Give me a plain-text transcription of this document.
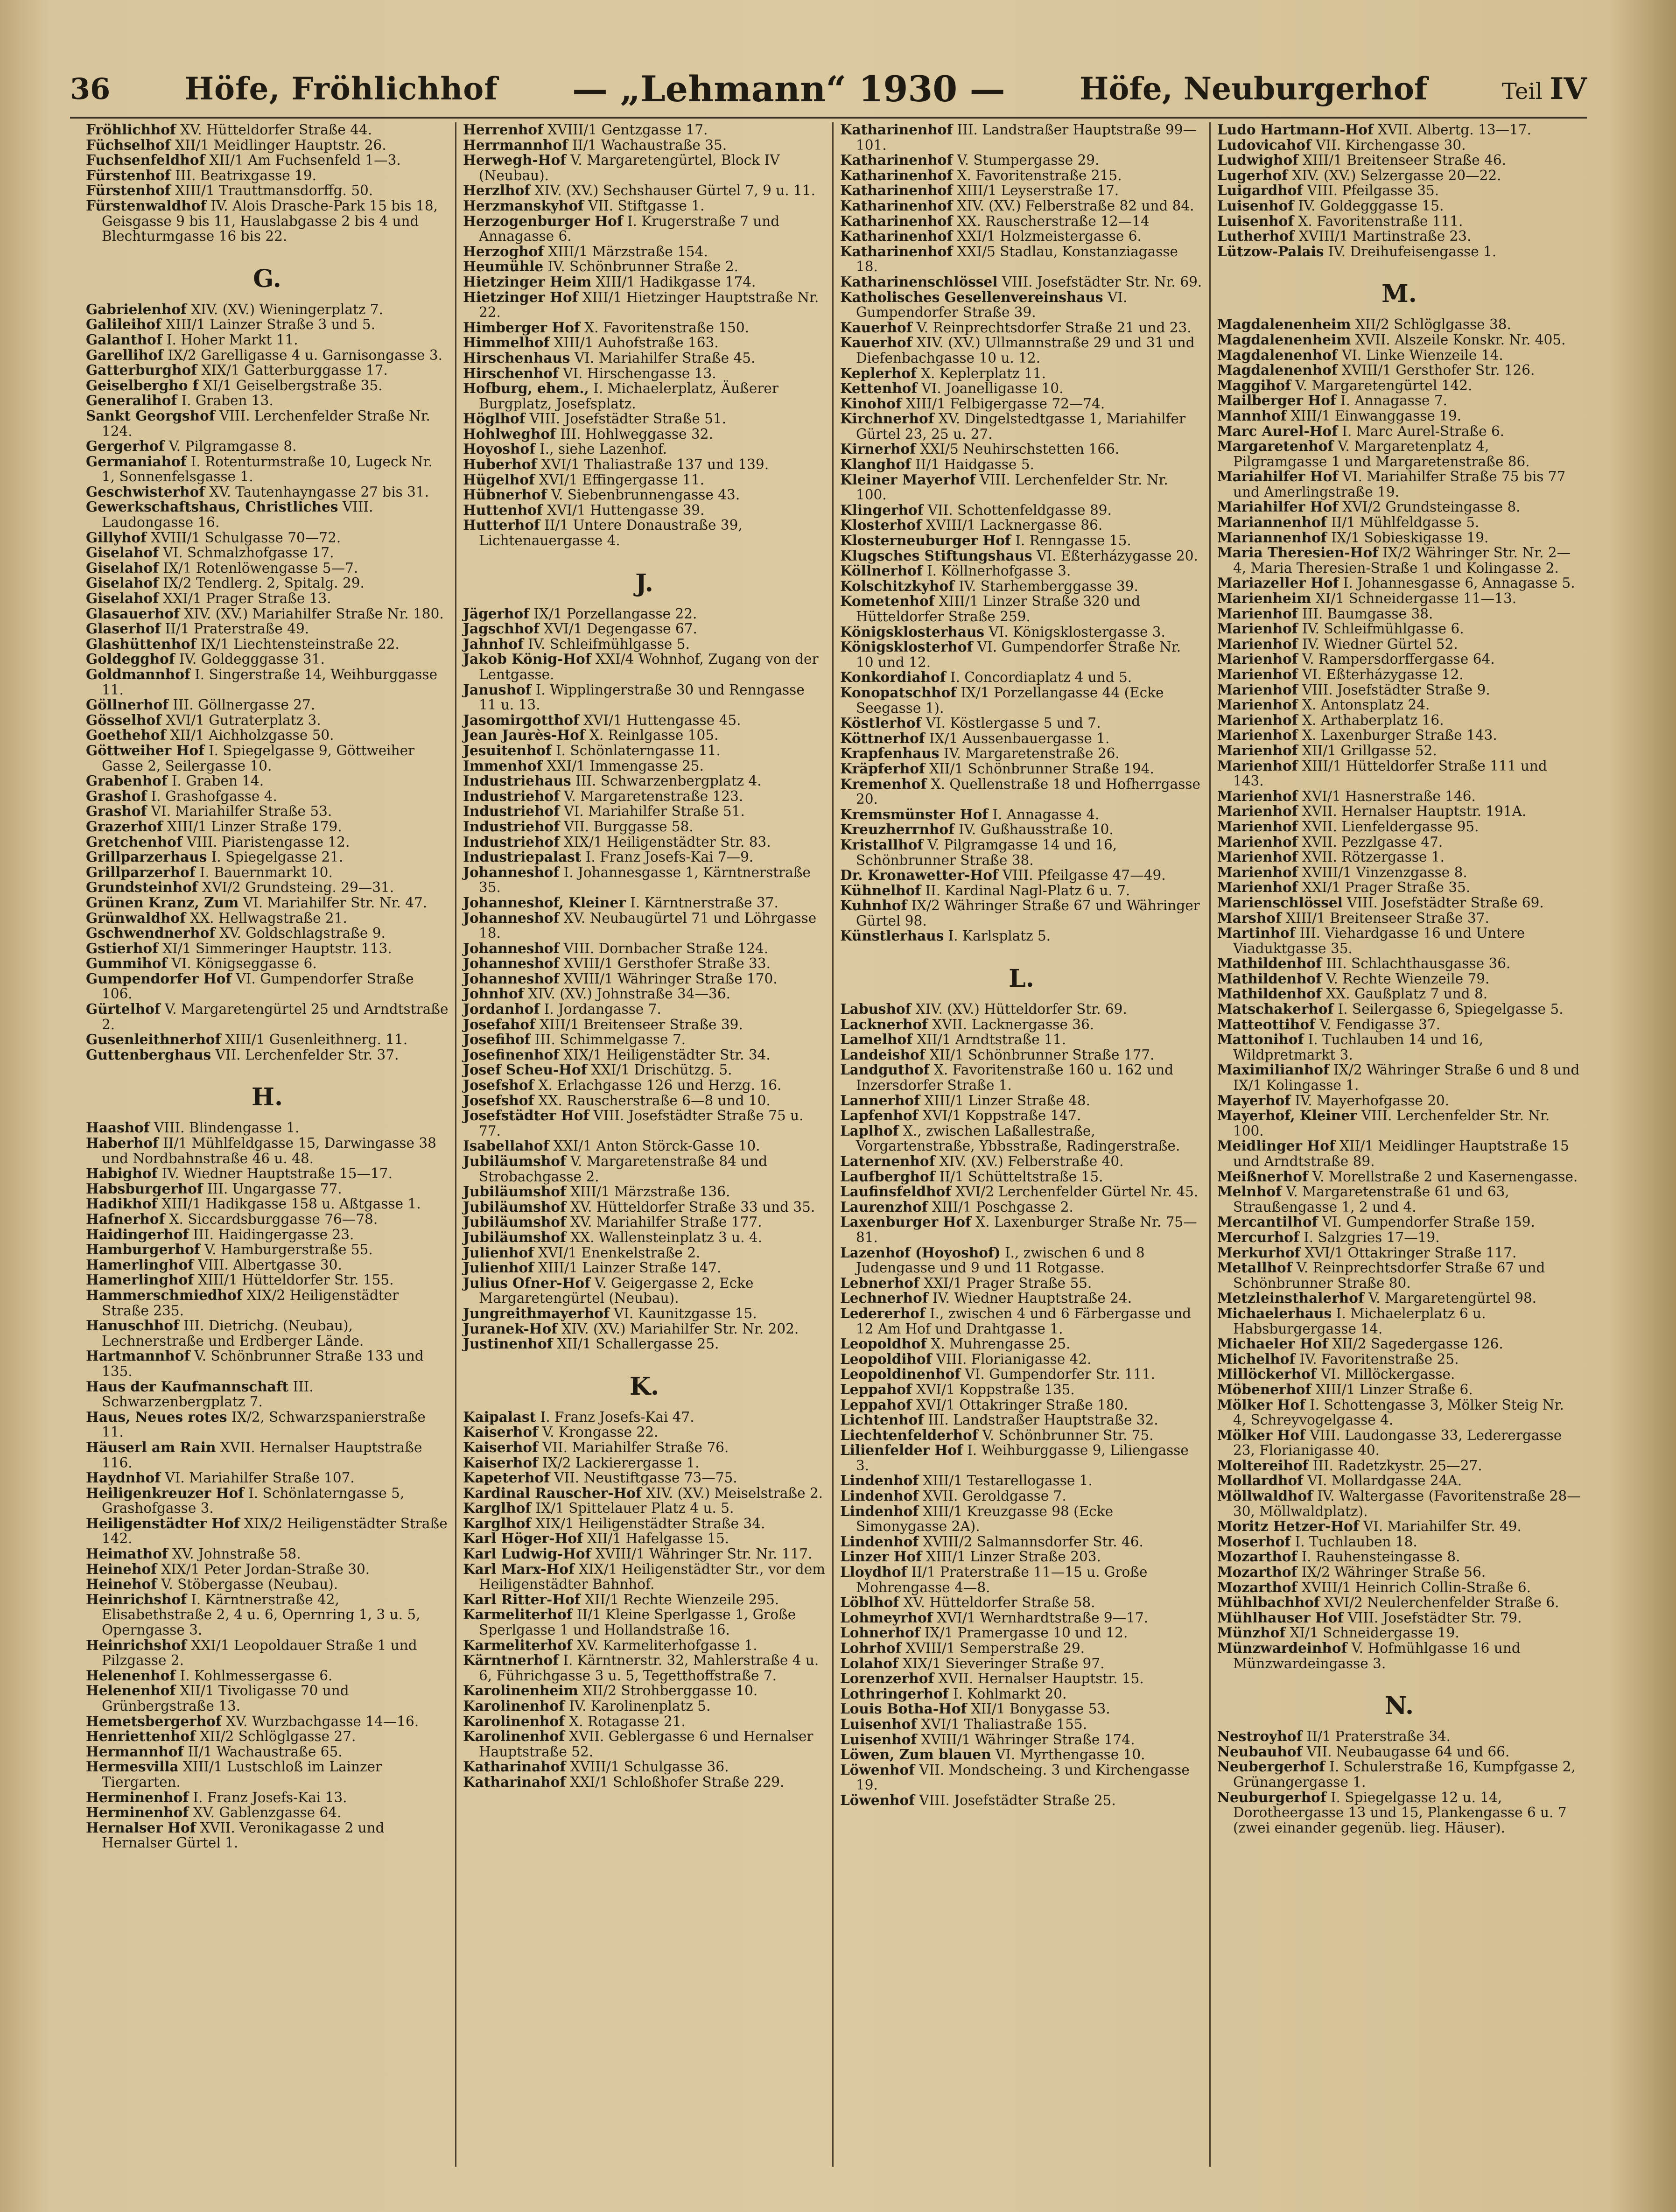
36 Höfe, Fröhlichhof — „Lehmann“ 1930 — Höfe, Neuburgerhof	Teil IV

Fröhlichhof XV. Hütteldorfer Straße 44.

Füchselhof XII/1 Meidlinger Hauptstr. 26.

Fuchsenfeldhof XII/1 Am Fuchsenfeld 1—3.

Fürstenhof III. Beatrixgasse 19.

Fürstenhof XIII/1 Trauttmansdorffg. 50.

Fürstenwaldhof IV. Alois Drasche-Park 15 bis 18, Geisgasse 9 bis 11, Hauslabgasse 2 bis 4 und Blechturmgasse 16 bis 22.

G.

Gabrielenhof XIV. (XV.) Wieningerplatz 7.

Galileihof XIII/1 Lainzer Straße 3 und 5.

Galanthof I. Hoher Markt 11.

Garellihof IX/2 Garelligasse 4 u. Garnisongasse 3.

Gatterburghof XIX/1 Gatterburggasse 17.

Geiselbergho f XI/1 Geiselbergstraße 35.

Generalihof I. Graben 13.

Sankt Georgshof VIII. Lerchenfelder Straße Nr. 124.

Gergerhof V. Pilgramgasse 8.

Germaniahof I. Rotenturmstraße 10, Lugeck Nr. 1, Sonnenfelsgasse 1.

Geschwisterhof XV. Tautenhayngasse 27 bis 31.

Gewerkschaftshaus, Christliches VIII. Laudongasse 16.

Gillyhof XVIII/1 Schulgasse 70—72.

Giselahof VI. Schmalzhofgasse 17.

Giselahof IX/1 Rotenlöwengasse 5—7.

Giselahof IX/2 Tendlerg. 2, Spitalg. 29.

Giselahof XXI/1 Prager Straße 13.

Glasauerhof XIV. (XV.) Mariahilfer Straße Nr. 180.

Glaserhof II/1 Praterstraße 49.

Glashüttenhof IX/1 Liechtensteinstraße 22.

Goldegghof IV. Goldegggasse 31.

Goldmannhof I. Singerstraße 14, Weihburggasse 11.

Göllnerhof III. Göllnergasse 27.

Gösselhof XVI/1 Gutraterplatz 3.

Goethehof XII/1 Aichholzgasse 50.

Göttweiher Hof I. Spiegelgasse 9, Göttweiher Gasse 2, Seilergasse 10.

Grabenhof I. Graben 14.

Grashof I. Grashofgasse 4.

Grashof VI. Mariahilfer Straße 53.

Grazerhof XIII/1 Linzer Straße 179.

Gretchenhof VIII. Piaristengasse 12.

Grillparzerhaus I. Spiegelgasse 21.

Grillparzerhof I. Bauernmarkt 10.

Grundsteinhof XVI/2 Grundsteing. 29—31.

Grünen Kranz, Zum VI. Mariahilfer Str. Nr. 47.

Grünwaldhof XX. Hellwagstraße 21.

Gschwendnerhof XV. Goldschlagstraße 9.

Gstierhof XI/1 Simmeringer Hauptstr. 113.

Gummihof VI. Königseggasse 6.

Gumpendorfer Hof VI. Gumpendorfer Straße 106.

Gürtelhof V. Margaretengürtel 25 und Arndtstraße 2.

Gusenleithnerhof XIII/1 Gusenleithnerg. 11.

Guttenberghaus VII. Lerchenfelder Str. 37.

H.

Haashof VIII. Blindengasse 1.

Haberhof II/1 Mühlfeldgasse 15, Darwingasse 38 und Nordbahnstraße 46 u. 48.

Habighof IV. Wiedner Hauptstraße 15—17.

Habsburgerhof III. Ungargasse 77.

Hadikhof XIII/1 Hadikgasse 158 u. Aßtgasse 1.

Hafnerhof X. Siccardsburggasse 76—78.

Haidingerhof III. Haidingergasse 23.

Hamburgerhof V. Hamburgerstraße 55.

Hamerlinghof VIII. Albertgasse 30.

Hamerlinghof XIII/1 Hütteldorfer Str. 155.

Hammerschmiedhof XIX/2 Heiligenstädter Straße 235.

Hanuschhof III. Dietrichg. (Neubau), Lechnerstraße und Erdberger Lände.

Hartmannhof V. Schönbrunner Straße 133 und 135.

Haus der Kaufmannschaft III. Schwarzenbergplatz 7.

Haus, Neues rotes IX/2, Schwarzspanierstraße 11.

Häuserl am Rain XVII. Hernalser Hauptstraße 116.

Haydnhof VI. Mariahilfer Straße 107.

Heiligenkreuzer Hof I. Schönlaterngasse 5, Grashofgasse 3.

Heiligenstädter Hof XIX/2 Heiligenstädter Straße 142.

Heimathof XV. Johnstraße 58.

Heinehof XIX/1 Peter Jordan-Straße 30.

Heinehof V. Stöbergasse (Neubau).

Heinrichshof I. Kärntnerstraße 42, Elisabethstraße 2, 4 u. 6, Opernring 1, 3 u. 5, Operngasse 3.

Heinrichshof XXI/1 Leopoldauer Straße 1 und Pilzgasse 2.

Helenenhof I. Kohlmessergasse 6.

Helenenhof XII/1 Tivoligasse 70 und Grünbergstraße 13.

Hemetsbergerhof XV. Wurzbachgasse 14—16.

Henriettenhof XII/2 Schlöglgasse 27.

Hermannhof II/1 Wachaustraße 65.

Hermesvilla XIII/1 Lustschloß im Lainzer Tiergarten.

Herminenhof I. Franz Josefs-Kai 13.

Herminenhof XV. Gablenzgasse 64.

Hernalser Hof XVII. Veronikagasse 2 und Hernalser Gürtel 1.

Herrenhof XVIII/1 Gentzgasse 17.

Herrmannhof II/1 Wachaustraße 35.

Herwegh-Hof V. Margaretengürtel, Block IV (Neubau).

Herzlhof XIV. (XV.) Sechshauser Gürtel 7, 9 u. 11.

Herzmanskyhof VII. Stiftgasse 1.

Herzogenburger Hof I. Krugerstraße 7 und Annagasse 6.

Herzoghof XIII/1 Märzstraße 154.

Heumühle IV. Schönbrunner Straße 2.

Hietzinger Heim XIII/1 Hadikgasse 174.

Hietzinger Hof XIII/1 Hietzinger Hauptstraße Nr. 22.

Himberger Hof X. Favoritenstraße 150.

Himmelhof XIII/1 Auhofstraße 163.

Hirschenhaus VI. Mariahilfer Straße 45.

Hirschenhof VI. Hirschengasse 13.

Hofburg, ehem., I. Michaelerplatz, Äußerer Burgplatz, Josefsplatz.

Höglhof VIII. Josefstädter Straße 51.

Hohlweghof III. Hohlweggasse 32.

Hoyoshof I., siehe Lazenhof.

Huberhof XVI/1 Thaliastraße 137 und 139.

Hügelhof XVI/1 Effingergasse 11.

Hübnerhof V. Siebenbrunnengasse 43.

Huttenhof XVI/1 Huttengasse 39.

Hutterhof II/1 Untere Donaustraße 39, Lichtenauergasse 4.

J.

Jägerhof IX/1 Porzellangasse 22.

Jagschhof XVI/1 Degengasse 67.

Jahnhof IV. Schleifmühlgasse 5.

Jakob König-Hof XXI/4 Wohnhof, Zugang von der Lentgasse.

Janushof I. Wipplingerstraße 30 und Renngasse 11 u. 13.

Jasomirgotthof XVI/1 Huttengasse 45.

Jean Jaurès-Hof X. Reinlgasse 105.

Jesuitenhof I. Schönlaterngasse 11.

Immenhof XXI/1 Immengasse 25.

Industriehaus III. Schwarzenbergplatz 4.

Industriehof V. Margaretenstraße 123.

Industriehof VI. Mariahilfer Straße 51.

Industriehof VII. Burggasse 58.

Industriehof XIX/1 Heiligenstädter Str. 83.

Industriepalast I. Franz Josefs-Kai 7—9.

Johanneshof I. Johannesgasse 1, Kärntnerstraße 35.

Johanneshof, Kleiner I. Kärntnerstraße 37.

Johanneshof XV. Neubaugürtel 71 und Löhrgasse 18.

Johanneshof VIII. Dornbacher Straße 124.

Johanneshof XVIII/1 Gersthofer Straße 33.

Johanneshof XVIII/1 Währinger Straße 170.

Johnhof XIV. (XV.) Johnstraße 34—36.

Jordanhof I. Jordangasse 7.

Josefahof XIII/1 Breitenseer Straße 39.

Josefihof III. Schimmelgasse 7.

Josefinenhof XIX/1 Heiligenstädter Str. 34.

Josef Scheu-Hof XXI/1 Drischützg. 5.

Josefshof X. Erlachgasse 126 und Herzg. 16.

Josefshof XX. Rauscherstraße 6—8 und 10.

Josefstädter Hof VIII. Josefstädter Straße 75 u. 77.

Isabellahof XXI/1 Anton Störck-Gasse 10.

Jubiläumshof V. Margaretenstraße 84 und Strobachgasse 2.

Jubiläumshof XIII/1 Märzstraße 136.

Jubiläumshof XV. Hütteldorfer Straße 33 und 35.

Jubiläumshof XV. Mariahilfer Straße 177.

Jubiläumshof XX. Wallensteinplatz 3 u. 4.

Julienhof XVI/1 Enenkelstraße 2.

Julienhof XIII/1 Lainzer Straße 147.

Julius Ofner-Hof V. Geigergasse 2, Ecke Margaretengürtel (Neubau).

Jungreithmayerhof VI. Kaunitzgasse 15.

Juranek-Hof XIV. (XV.) Mariahilfer Str. Nr. 202.

Justinenhof XII/1 Schallergasse 25.

K.

Kaipalast I. Franz Josefs-Kai 47.

Kaiserhof V. Krongasse 22.

Kaiserhof VII. Mariahilfer Straße 76.

Kaiserhof IX/2 Lackierergasse 1.

Kapeterhof VII. Neustiftgasse 73—75.

Kardinal Rauscher-Hof XIV. (XV.) Meiselstraße 2.

Karglhof IX/1 Spittelauer Platz 4 u. 5.

Karglhof XIX/1 Heiligenstädter Straße 34.

Karl Höger-Hof XII/1 Hafelgasse 15.

Karl Ludwig-Hof XVIII/1 Währinger Str. Nr. 117.

Karl Marx-Hof XIX/1 Heiligenstädter Str., vor dem Heiligenstädter Bahnhof.

Karl Ritter-Hof XII/1 Rechte Wienzeile 295.

Karmeliterhof II/1 Kleine Sperlgasse 1, Große Sperlgasse 1 und Hollandstraße 16.

Karmeliterhof XV. Karmeliterhofgasse 1.

Kärntnerhof I. Kärntnerstr. 32, Mahlerstraße 4 u. 6, Führichgasse 3 u. 5, Tegetthoffstraße 7.

Karolinenheim XII/2 Strohberggasse 10.

Karolinenhof IV. Karolinenplatz 5.

Karolinenhof X. Rotagasse 21.

Karolinenhof XVII. Geblergasse 6 und Hernalser Hauptstraße 52.

Katharinahof XVIII/1 Schulgasse 36.

Katharinahof XXI/1 Schloßhofer Straße 229.

Katharinenhof III. Landstraßer Hauptstraße 99—101.

Katharinenhof V. Stumpergasse 29.

Katharinenhof X. Favoritenstraße 215.

Katharinenhof XIII/1 Leyserstraße 17.

Katharinenhof XIV. (XV.) Felberstraße 82 und 84.

Katharinenhof XX. Rauscherstraße 12—14

Katharinenhof XXI/1 Holzmeistergasse 6.

Katharinenhof XXI/5 Stadlau, Konstanziagasse 18.

Katharinenschlössel VIII. Josefstädter Str. Nr. 69.

Katholisches Gesellenvereinshaus VI. Gumpendorfer Straße 39.

Kauerhof V. Reinprechtsdorfer Straße 21 und 23.

Kauerhof XIV. (XV.) Ullmannstraße 29 und 31 und Diefenbachgasse 10 u. 12.

Keplerhof X. Keplerplatz 11.

Kettenhof VI. Joanelligasse 10.

Kinohof XIII/1 Felbigergasse 72—74.

Kirchnerhof XV. Dingelstedtgasse 1, Mariahilfer Gürtel 23, 25 u. 27.

Kirnerhof XXI/5 Neuhirschstetten 166.

Klanghof II/1 Haidgasse 5.

Kleiner Mayerhof VIII. Lerchenfelder Str. Nr. 100.

Klingerhof VII. Schottenfeldgasse 89.

Klosterhof XVIII/1 Lacknergasse 86.

Klosterneuburger Hof I. Renngasse 15.

Klugsches Stiftungshaus VI. Eßterházygasse 20.

Köllnerhof I. Köllnerhofgasse 3.

Kolschitzkyhof IV. Starhemberggasse 39.

Kometenhof XIII/1 Linzer Straße 320 und Hütteldorfer Straße 259.

Königsklosterhaus VI. Königsklostergasse 3.

Königsklosterhof VI. Gumpendorfer Straße Nr. 10 und 12.

Konkordiahof I. Concordiaplatz 4 und 5.

Konopatschhof IX/1 Porzellangasse 44 (Ecke Seegasse 1).

Köstlerhof VI. Köstlergasse 5 und 7.

Köttnerhof IX/1 Aussenbauergasse 1.

Krapfenhaus IV. Margaretenstraße 26.

Kräpferhof XII/1 Schönbrunner Straße 194.

Kremenhof X. Quellenstraße 18 und Hofherrgasse 20.

Kremsmünster Hof I. Annagasse 4.

Kreuzherrnhof IV. Gußhausstraße 10.

Kristallhof V. Pilgramgasse 14 und 16, Schönbrunner Straße 38.

Dr. Kronawetter-Hof VIII. Pfeilgasse 47—49.

Kühnelhof II. Kardinal Nagl-Platz 6 u. 7.

Kuhnhof IX/2 Währinger Straße 67 und Währinger Gürtel 98.

Künstlerhaus I. Karlsplatz 5.

L.

Labushof XIV. (XV.) Hütteldorfer Str. 69.

Lacknerhof XVII. Lacknergasse 36.

Lamelhof XII/1 Arndtstraße 11.

Landeishof XII/1 Schönbrunner Straße 177.

Landguthof X. Favoritenstraße 160 u. 162 und Inzersdorfer Straße 1.

Lannerhof XIII/1 Linzer Straße 48.

Lapfenhof XVI/1 Koppstraße 147.

Laplhof X., zwischen Laßallestraße, Vorgartenstraße, Ybbsstraße, Radingerstraße.

Laternenhof XIV. (XV.) Felberstraße 40.

Laufberghof II/1 Schütteltstraße 15.

Laufinsfeldhof XVI/2 Lerchenfelder Gürtel Nr. 45.

Laurenzhof XIII/1 Poschgasse 2.

Laxenburger Hof X. Laxenburger Straße Nr. 75—81.

Lazenhof (Hoyoshof) I., zwischen 6 und 8 Judengasse und 9 und 11 Rotgasse.

Lebnerhof XXI/1 Prager Straße 55.

Lechnerhof IV. Wiedner Hauptstraße 24.

Ledererhof I., zwischen 4 und 6 Färbergasse und 12 Am Hof und Drahtgasse 1.

Leopoldhof X. Muhrengasse 25.

Leopoldihof VIII. Florianigasse 42.

Leopoldinenhof VI. Gumpendorfer Str. 111.

Leppahof XVI/1 Koppstraße 135.

Leppahof XVI/1 Ottakringer Straße 180.

Lichtenhof III. Landstraßer Hauptstraße 32.

Liechtenfelderhof V. Schönbrunner Str. 75.

Lilienfelder Hof I. Weihburggasse 9, Liliengasse 3.

Lindenhof XIII/1 Testarellogasse 1.

Lindenhof XVII. Geroldgasse 7.

Lindenhof XIII/1 Kreuzgasse 98 (Ecke Simonygasse 2A).

Lindenhof XVIII/2 Salmannsdorfer Str. 46.

Linzer Hof XIII/1 Linzer Straße 203.

Lloydhof II/1 Praterstraße 11—15 u. Große Mohrengasse 4—8.

Löblhof XV. Hütteldorfer Straße 58.

Lohmeyrhof XVI/1 Wernhardtstraße 9—17.

Lohnerhof IX/1 Pramergasse 10 und 12.

Lohrhof XVIII/1 Semperstraße 29.

Lolahof XIX/1 Sieveringer Straße 97.

Lorenzerhof XVII. Hernalser Hauptstr. 15.

Lothringerhof I. Kohlmarkt 20.

Louis Botha-Hof XII/1 Bonygasse 53.

Luisenhof XVI/1 Thaliastraße 155.

Luisenhof XVIII/1 Währinger Straße 174.

Löwen, Zum blauen VI. Myrthengasse 10.

Löwenhof VII. Mondscheing. 3 und Kirchengasse 19.

Löwenhof VIII. Josefstädter Straße 25.

Ludo Hartmann-Hof XVII. Albertg. 13—17.

Ludovicahof VII. Kirchengasse 30.

Ludwighof XIII/1 Breitenseer Straße 46.

Lugerhof XIV. (XV.) Selzergasse 20—22.

Luigardhof VIII. Pfeilgasse 35.

Luisenhof IV. Goldegggasse 15.

Luisenhof X. Favoritenstraße 111.

Lutherhof XVIII/1 Martinstraße 23.

Lützow-Palais IV. Dreihufeisengasse 1.

M.

Magdalenenheim XII/2 Schlöglgasse 38.

Magdalenenheim XVII. Alszeile Konskr. Nr. 405.

Magdalenenhof VI. Linke Wienzeile 14.

Magdalenenhof XVIII/1 Gersthofer Str. 126.

Maggihof V. Margaretengürtel 142.

Mailberger Hof I. Annagasse 7.

Mannhof XIII/1 Einwanggasse 19.

Marc Aurel-Hof I. Marc Aurel-Straße 6.

Margaretenhof V. Margaretenplatz 4, Pilgramgasse 1 und Margaretenstraße 86.

Mariahilfer Hof VI. Mariahilfer Straße 75 bis 77 und Amerlingstraße 19.

Mariahilfer Hof XVI/2 Grundsteingasse 8.

Mariannenhof II/1 Mühlfeldgasse 5.

Mariannenhof IX/1 Sobieskigasse 19.

Maria Theresien-Hof IX/2 Währinger Str. Nr. 2—4, Maria Theresien-Straße 1 und Kolingasse 2.

Mariazeller Hof I. Johannesgasse 6, Annagasse 5.

Marienheim XI/1 Schneidergasse 11—13.

Marienhof III. Baumgasse 38.

Marienhof IV. Schleifmühlgasse 6.

Marienhof IV. Wiedner Gürtel 52.

Marienhof V. Rampersdorffergasse 64.

Marienhof VI. Eßterházygasse 12.

Marienhof VIII. Josefstädter Straße 9.

Marienhof X. Antonsplatz 24.

Marienhof X. Arthaberplatz 16.

Marienhof X. Laxenburger Straße 143.

Marienhof XII/1 Grillgasse 52.

Marienhof XIII/1 Hütteldorfer Straße 111 und 143.

Marienhof XVI/1 Hasnerstraße 146.

Marienhof XVII. Hernalser Hauptstr. 191A.

Marienhof XVII. Lienfeldergasse 95.

Marienhof XVII. Pezzlgasse 47.

Marienhof XVII. Rötzergasse 1.

Marienhof XVIII/1 Vinzenzgasse 8.

Marienhof XXI/1 Prager Straße 35.

Marienschlössel VIII. Josefstädter Straße 69.

Marshof XIII/1 Breitenseer Straße 37.

Martinhof III. Viehardgasse 16 und Untere Viaduktgasse 35.

Mathildenhof III. Schlachthausgasse 36.

Mathildenhof V. Rechte Wienzeile 79.

Mathildenhof XX. Gaußplatz 7 und 8.

Matschakerhof I. Seilergasse 6, Spiegelgasse 5.

Matteottihof V. Fendigasse 37.

Mattonihof I. Tuchlauben 14 und 16, Wildpretmarkt 3.

Maximilianhof IX/2 Währinger Straße 6 und 8 und IX/1 Kolingasse 1.

Mayerhof IV. Mayerhofgasse 20.

Mayerhof, Kleiner VIII. Lerchenfelder Str. Nr. 100.

Meidlinger Hof XII/1 Meidlinger Hauptstraße 15 und Arndtstraße 89.

Meißnerhof V. Morellstraße 2 und Kasernengasse.

Melnhof V. Margaretenstraße 61 und 63, Straußengasse 1, 2 und 4.

Mercantilhof VI. Gumpendorfer Straße 159.

Mercurhof I. Salzgries 17—19.

Merkurhof XVI/1 Ottakringer Straße 117.

Metallhof V. Reinprechtsdorfer Straße 67 und Schönbrunner Straße 80.

Metzleinsthalerhof V. Margaretengürtel 98.

Michaelerhaus I. Michaelerplatz 6 u. Habsburgergasse 14.

Michaeler Hof XII/2 Sagedergasse 126.

Michelhof IV. Favoritenstraße 25.

Millöckerhof VI. Millöckergasse.

Möbenerhof XIII/1 Linzer Straße 6.

Mölker Hof I. Schottengasse 3, Mölker Steig Nr. 4, Schreyvogelgasse 4.

Mölker Hof VIII. Laudongasse 33, Lederergasse 23, Florianigasse 40.

Moltereihof III. Radetzkystr. 25—27.

Mollardhof VI. Mollardgasse 24A.

Möllwaldhof IV. Waltergasse (Favoritenstraße 28—30, Möllwaldplatz).

Moritz Hetzer-Hof VI. Mariahilfer Str. 49.

Moserhof I. Tuchlauben 18.

Mozarthof I. Rauhensteingasse 8.

Mozarthof IX/2 Währinger Straße 56.

Mozarthof XVIII/1 Heinrich Collin-Straße 6.

Mühlbachhof XVI/2 Neulerchenfelder Straße 6.

Mühlhauser Hof VIII. Josefstädter Str. 79.

Münzhof XI/1 Schneidergasse 19.

Münzwardeinhof V. Hofmühlgasse 16 und Münzwardeingasse 3.

N.

Nestroyhof II/1 Praterstraße 34.

Neubauhof VII. Neubaugasse 64 und 66.

Neubergerhof I. Schulerstraße 16, Kumpfgasse 2, Grünangergasse 1.

Neuburgerhof I. Spiegelgasse 12 u. 14, Dorotheergasse 13 und 15, Plankengasse 6 u. 7 (zwei einander gegenüb. lieg. Häuser).
